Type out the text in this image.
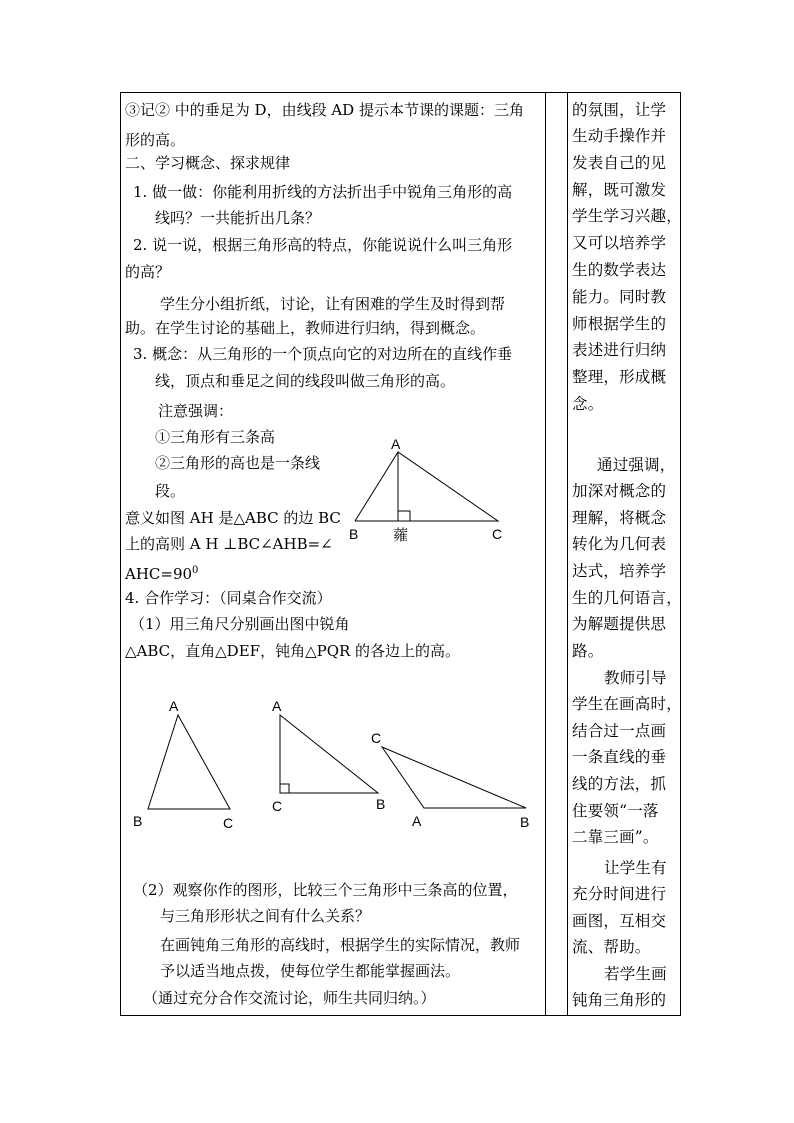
③记② 中的垂足为 D，由线段 AD 提示本节课的课题：三角
形的高。
二、学习概念、探求规律
1. 做一做：你能利用折线的方法折出手中锐角三角形的高
线吗？一共能折出几条？
2. 说一说，根据三角形高的特点，你能说说什么叫三角形
的高？
学生分小组折纸，讨论，让有困难的学生及时得到帮
助。在学生讨论的基础上，教师进行归纳，得到概念。
3. 概念：从三角形的一个顶点向它的对边所在的直线作垂
线，顶点和垂足之间的线段叫做三角形的高。
注意强调：
①三角形有三条高
②三角形的高也是一条线
段。
意义如图 AH 是△ABC 的边 BC
上的高则 A H ⊥BC∠AHB=∠
$AHC=90^0$
4. 合作学习：（同桌合作交流）
（1）用三角尺分别画出图中锐角
△ABC，直角△DEF，钝角△PQR 的各边上的高。
（2）观察你作的图形，比较三个三角形中三条高的位置，
与三角形形状之间有什么关系？
在画钝角三角形的高线时，根据学生的实际情况，教师
予以适当地点拨，使每位学生都能掌握画法。
（通过充分合作交流讨论，师生共同归纳。）
A
B	C
蕹
A
B	C
A
C	B
C
A	B
的氛围，让学
生动手操作并
发表自己的见
解，既可激发
学生学习兴趣，
又可以培养学
生的数学表达
能力。同时教
师根据学生的
表述进行归纳
整理，形成概
念。
通过强调，
加深对概念的
理解，将概念
转化为几何表
达式，培养学
生的几何语言，
为解题提供思
路。
教师引导
学生在画高时，
结合过一点画
一条直线的垂
线的方法，抓
住要领“一落
二靠三画”。
让学生有
充分时间进行
画图，互相交
流、帮助。
若学生画
钝角三角形的
